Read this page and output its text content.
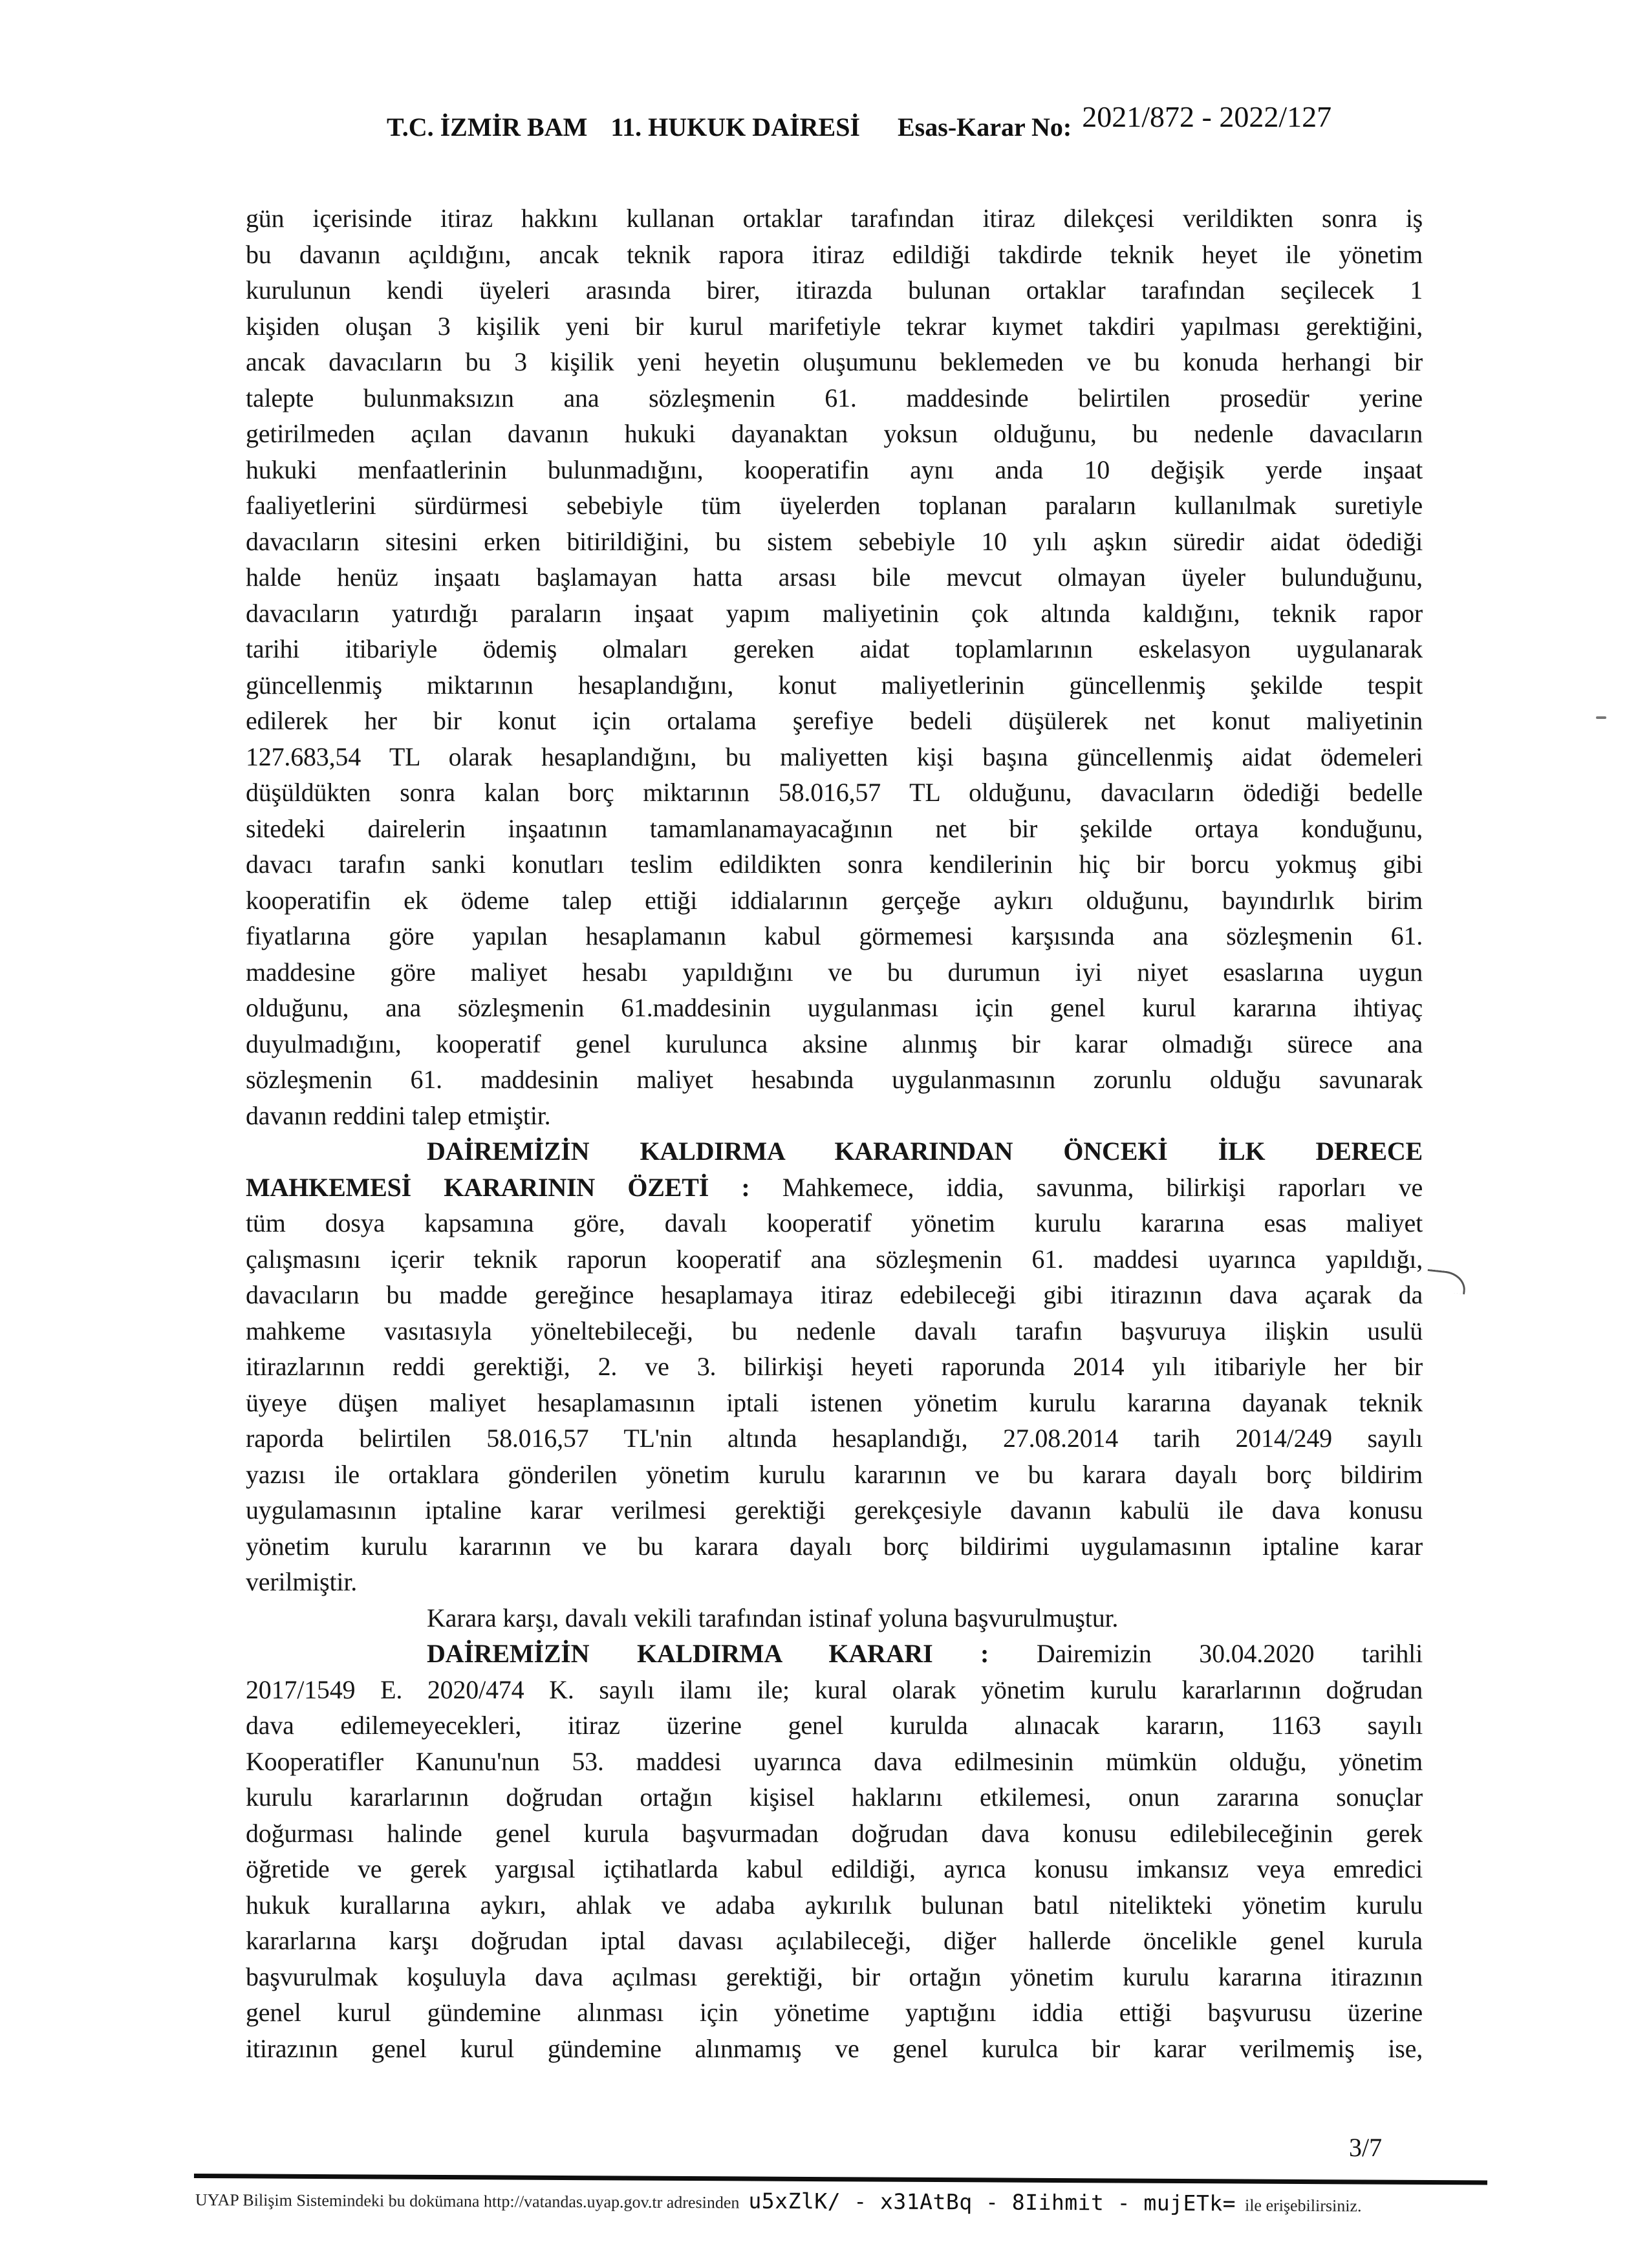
T.C. İZMİR BAM 11. HUKUK DAİRESİ Esas-Karar No: 2021/872 - 2022/127
gün içerisinde itiraz hakkını kullanan ortaklar tarafından itiraz dilekçesi verildikten sonra iş
bu davanın açıldığını, ancak teknik rapora itiraz edildiği takdirde teknik heyet ile yönetim
kurulunun kendi üyeleri arasında birer, itirazda bulunan ortaklar tarafından seçilecek 1
kişiden oluşan 3 kişilik yeni bir kurul marifetiyle tekrar kıymet takdiri yapılması gerektiğini,
ancak davacıların bu 3 kişilik yeni heyetin oluşumunu beklemeden ve bu konuda herhangi bir
talepte bulunmaksızın ana sözleşmenin 61. maddesinde belirtilen prosedür yerine
getirilmeden açılan davanın hukuki dayanaktan yoksun olduğunu, bu nedenle davacıların
hukuki menfaatlerinin bulunmadığını, kooperatifin aynı anda 10 değişik yerde inşaat
faaliyetlerini sürdürmesi sebebiyle tüm üyelerden toplanan paraların kullanılmak suretiyle
davacıların sitesini erken bitirildiğini, bu sistem sebebiyle 10 yılı aşkın süredir aidat ödediği
halde henüz inşaatı başlamayan hatta arsası bile mevcut olmayan üyeler bulunduğunu,
davacıların yatırdığı paraların inşaat yapım maliyetinin çok altında kaldığını, teknik rapor
tarihi itibariyle ödemiş olmaları gereken aidat toplamlarının eskelasyon uygulanarak
güncellenmiş miktarının hesaplandığını, konut maliyetlerinin güncellenmiş şekilde tespit
edilerek her bir konut için ortalama şerefiye bedeli düşülerek net konut maliyetinin
127.683,54 TL olarak hesaplandığını, bu maliyetten kişi başına güncellenmiş aidat ödemeleri
düşüldükten sonra kalan borç miktarının 58.016,57 TL olduğunu, davacıların ödediği bedelle
sitedeki dairelerin inşaatının tamamlanamayacağının net bir şekilde ortaya konduğunu,
davacı tarafın sanki konutları teslim edildikten sonra kendilerinin hiç bir borcu yokmuş gibi
kooperatifin ek ödeme talep ettiği iddialarının gerçeğe aykırı olduğunu, bayındırlık birim
fiyatlarına göre yapılan hesaplamanın kabul görmemesi karşısında ana sözleşmenin 61.
maddesine göre maliyet hesabı yapıldığını ve bu durumun iyi niyet esaslarına uygun
olduğunu, ana sözleşmenin 61.maddesinin uygulanması için genel kurul kararına ihtiyaç
duyulmadığını, kooperatif genel kurulunca aksine alınmış bir karar olmadığı sürece ana
sözleşmenin 61. maddesinin maliyet hesabında uygulanmasının zorunlu olduğu savunarak
davanın reddini talep etmiştir.
DAİREMİZİN KALDIRMA KARARINDAN ÖNCEKİ İLK DERECE
MAHKEMESİ KARARININ ÖZETİ : Mahkemece, iddia, savunma, bilirkişi raporları ve
tüm dosya kapsamına göre, davalı kooperatif yönetim kurulu kararına esas maliyet
çalışmasını içerir teknik raporun kooperatif ana sözleşmenin 61. maddesi uyarınca yapıldığı,
davacıların bu madde gereğince hesaplamaya itiraz edebileceği gibi itirazının dava açarak da
mahkeme vasıtasıyla yöneltebileceği, bu nedenle davalı tarafın başvuruya ilişkin usulü
itirazlarının reddi gerektiği, 2. ve 3. bilirkişi heyeti raporunda 2014 yılı itibariyle her bir
üyeye düşen maliyet hesaplamasının iptali istenen yönetim kurulu kararına dayanak teknik
raporda belirtilen 58.016,57 TL'nin altında hesaplandığı, 27.08.2014 tarih 2014/249 sayılı
yazısı ile ortaklara gönderilen yönetim kurulu kararının ve bu karara dayalı borç bildirim
uygulamasının iptaline karar verilmesi gerektiği gerekçesiyle davanın kabulü ile dava konusu
yönetim kurulu kararının ve bu karara dayalı borç bildirimi uygulamasının iptaline karar
verilmiştir.
Karara karşı, davalı vekili tarafından istinaf yoluna başvurulmuştur.
DAİREMİZİN KALDIRMA KARARI : Dairemizin 30.04.2020 tarihli
2017/1549 E. 2020/474 K. sayılı ilamı ile; kural olarak yönetim kurulu kararlarının doğrudan
dava edilemeyecekleri, itiraz üzerine genel kurulda alınacak kararın, 1163 sayılı
Kooperatifler Kanunu'nun 53. maddesi uyarınca dava edilmesinin mümkün olduğu, yönetim
kurulu kararlarının doğrudan ortağın kişisel haklarını etkilemesi, onun zararına sonuçlar
doğurması halinde genel kurula başvurmadan doğrudan dava konusu edilebileceğinin gerek
öğretide ve gerek yargısal içtihatlarda kabul edildiği, ayrıca konusu imkansız veya emredici
hukuk kurallarına aykırı, ahlak ve adaba aykırılık bulunan batıl nitelikteki yönetim kurulu
kararlarına karşı doğrudan iptal davası açılabileceği, diğer hallerde öncelikle genel kurula
başvurulmak koşuluyla dava açılması gerektiği, bir ortağın yönetim kurulu kararına itirazının
genel kurul gündemine alınması için yönetime yaptığını iddia ettiği başvurusu üzerine
itirazının genel kurul gündemine alınmamış ve genel kurulca bir karar verilmemiş ise,
3/7
UYAP Bilişim Sistemindeki bu dokümana http://vatandas.uyap.gov.tr adresinden u5xZlK/ - x31AtBq - 8Iihmit - mujETk= ile erişebilirsiniz.
